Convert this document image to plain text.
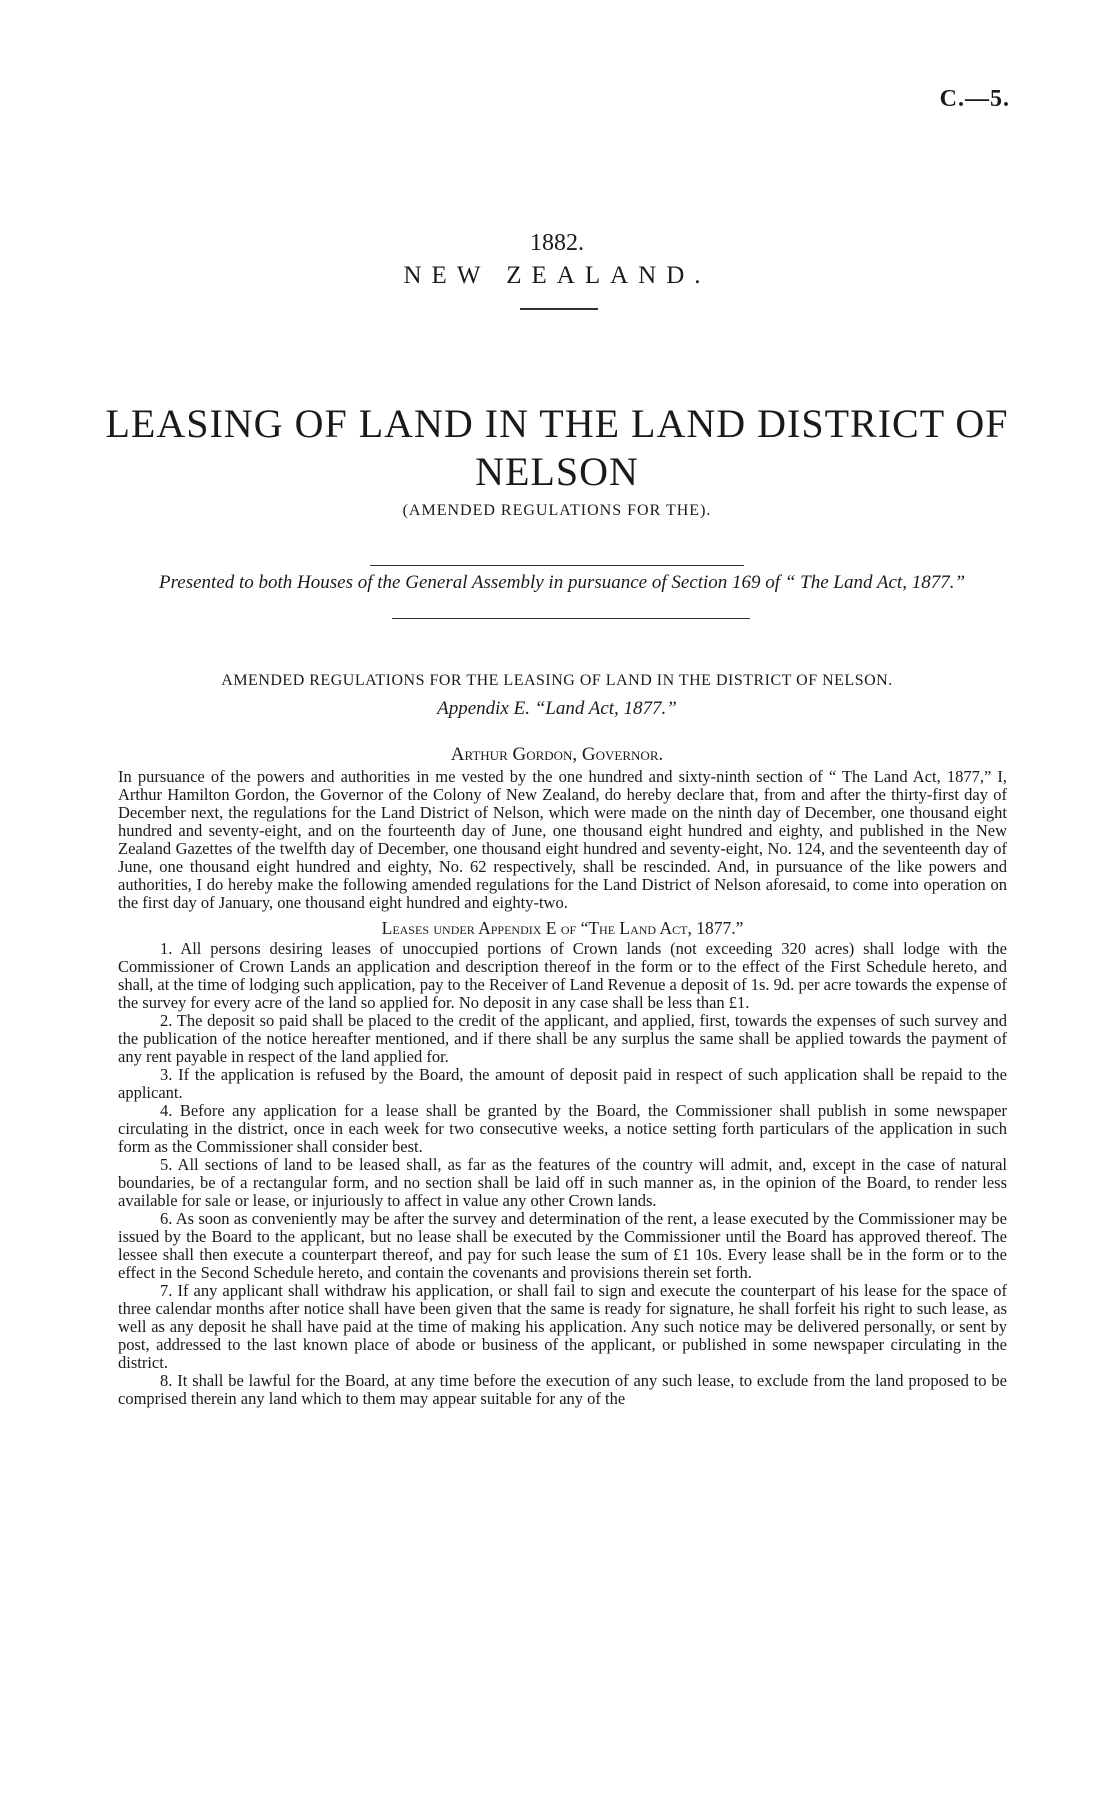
C.—5.
1882.
NEW ZEALAND.
LEASING OF LAND IN THE LAND DISTRICT OF
NELSON
(AMENDED REGULATIONS FOR THE).
Presented to both Houses of the General Assembly in pursuance of Section 169 of “ The Land Act, 1877.”
AMENDED REGULATIONS FOR THE LEASING OF LAND IN THE DISTRICT OF NELSON.
Appendix E. “Land Act, 1877.”
Arthur Gordon, Governor.

In pursuance of the powers and authorities in me vested by the one hundred and sixty-ninth section of “ The Land Act, 1877,” I, Arthur Hamilton Gordon, the Governor of the Colony of New Zealand, do hereby declare that, from and after the thirty-first day of December next, the regulations for the Land District of Nelson, which were made on the ninth day of December, one thousand eight hundred and seventy-eight, and on the fourteenth day of June, one thousand eight hundred and eighty, and published in the New Zealand Gazettes of the twelfth day of December, one thousand eight hundred and seventy-eight, No. 124, and the seventeenth day of June, one thousand eight hundred and eighty, No. 62 respectively, shall be rescinded. And, in pursuance of the like powers and authorities, I do hereby make the following amended regulations for the Land District of Nelson aforesaid, to come into operation on the first day of January, one thousand eight hundred and eighty-two.

Leases under Appendix E of “The Land Act, 1877.”

1. All persons desiring leases of unoccupied portions of Crown lands (not exceeding 320 acres) shall lodge with the Commissioner of Crown Lands an application and description thereof in the form or to the effect of the First Schedule hereto, and shall, at the time of lodging such application, pay to the Receiver of Land Revenue a deposit of 1s. 9d. per acre towards the expense of the survey for every acre of the land so applied for. No deposit in any case shall be less than £1.

2. The deposit so paid shall be placed to the credit of the applicant, and applied, first, towards the expenses of such survey and the publication of the notice hereafter mentioned, and if there shall be any surplus the same shall be applied towards the payment of any rent payable in respect of the land applied for.

3. If the application is refused by the Board, the amount of deposit paid in respect of such application shall be repaid to the applicant.

4. Before any application for a lease shall be granted by the Board, the Commissioner shall publish in some newspaper circulating in the district, once in each week for two consecutive weeks, a notice setting forth particulars of the application in such form as the Commissioner shall consider best.

5. All sections of land to be leased shall, as far as the features of the country will admit, and, except in the case of natural boundaries, be of a rectangular form, and no section shall be laid off in such manner as, in the opinion of the Board, to render less available for sale or lease, or injuriously to affect in value any other Crown lands.

6. As soon as conveniently may be after the survey and determination of the rent, a lease executed by the Commissioner may be issued by the Board to the applicant, but no lease shall be executed by the Commissioner until the Board has approved thereof. The lessee shall then execute a counterpart thereof, and pay for such lease the sum of £1 10s. Every lease shall be in the form or to the effect in the Second Schedule hereto, and contain the covenants and provisions therein set forth.

7. If any applicant shall withdraw his application, or shall fail to sign and execute the counterpart of his lease for the space of three calendar months after notice shall have been given that the same is ready for signature, he shall forfeit his right to such lease, as well as any deposit he shall have paid at the time of making his application. Any such notice may be delivered personally, or sent by post, addressed to the last known place of abode or business of the applicant, or published in some newspaper circulating in the district.

8. It shall be lawful for the Board, at any time before the execution of any such lease, to exclude from the land proposed to be comprised therein any land which to them may appear suitable for any of the
